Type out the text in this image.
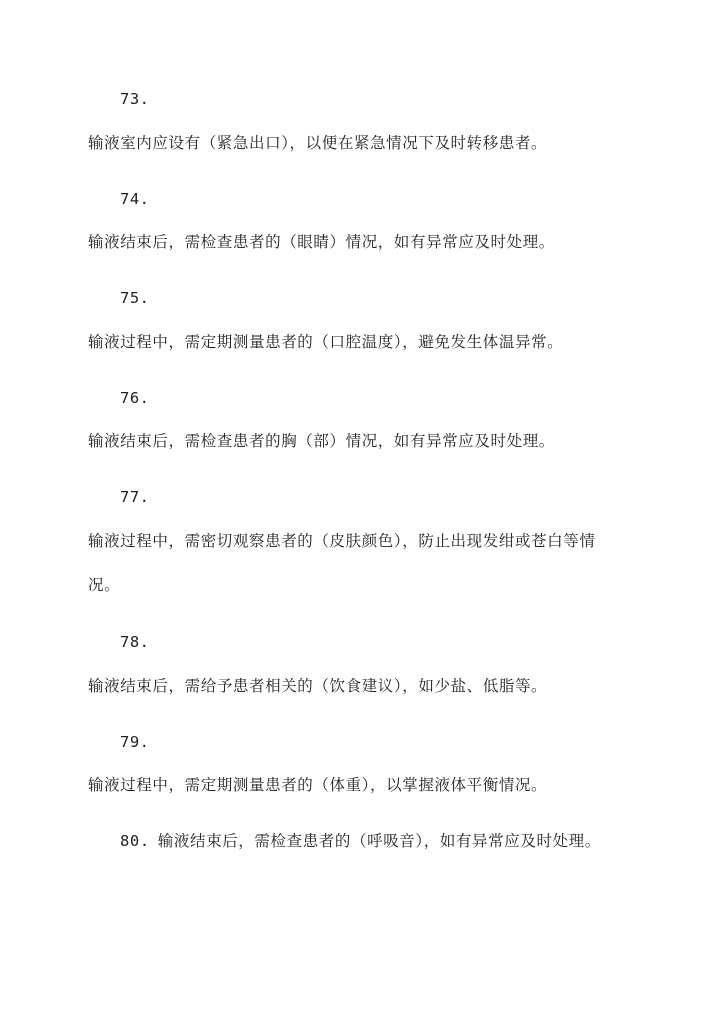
73.
输液室内应设有（紧急出口），以便在紧急情况下及时转移患者。
74.
输液结束后，需检查患者的（眼睛）情况，如有异常应及时处理。
75.
输液过程中，需定期测量患者的（口腔温度），避免发生体温异常。
76.
输液结束后，需检查患者的胸（部）情况，如有异常应及时处理。
77.
输液过程中，需密切观察患者的（皮肤颜色），防止出现发绀或苍白等情
况。
78.
输液结束后，需给予患者相关的（饮食建议），如少盐、低脂等。
79.
输液过程中，需定期测量患者的（体重），以掌握液体平衡情况。
80. 输液结束后，需检查患者的（呼吸音），如有异常应及时处理。
